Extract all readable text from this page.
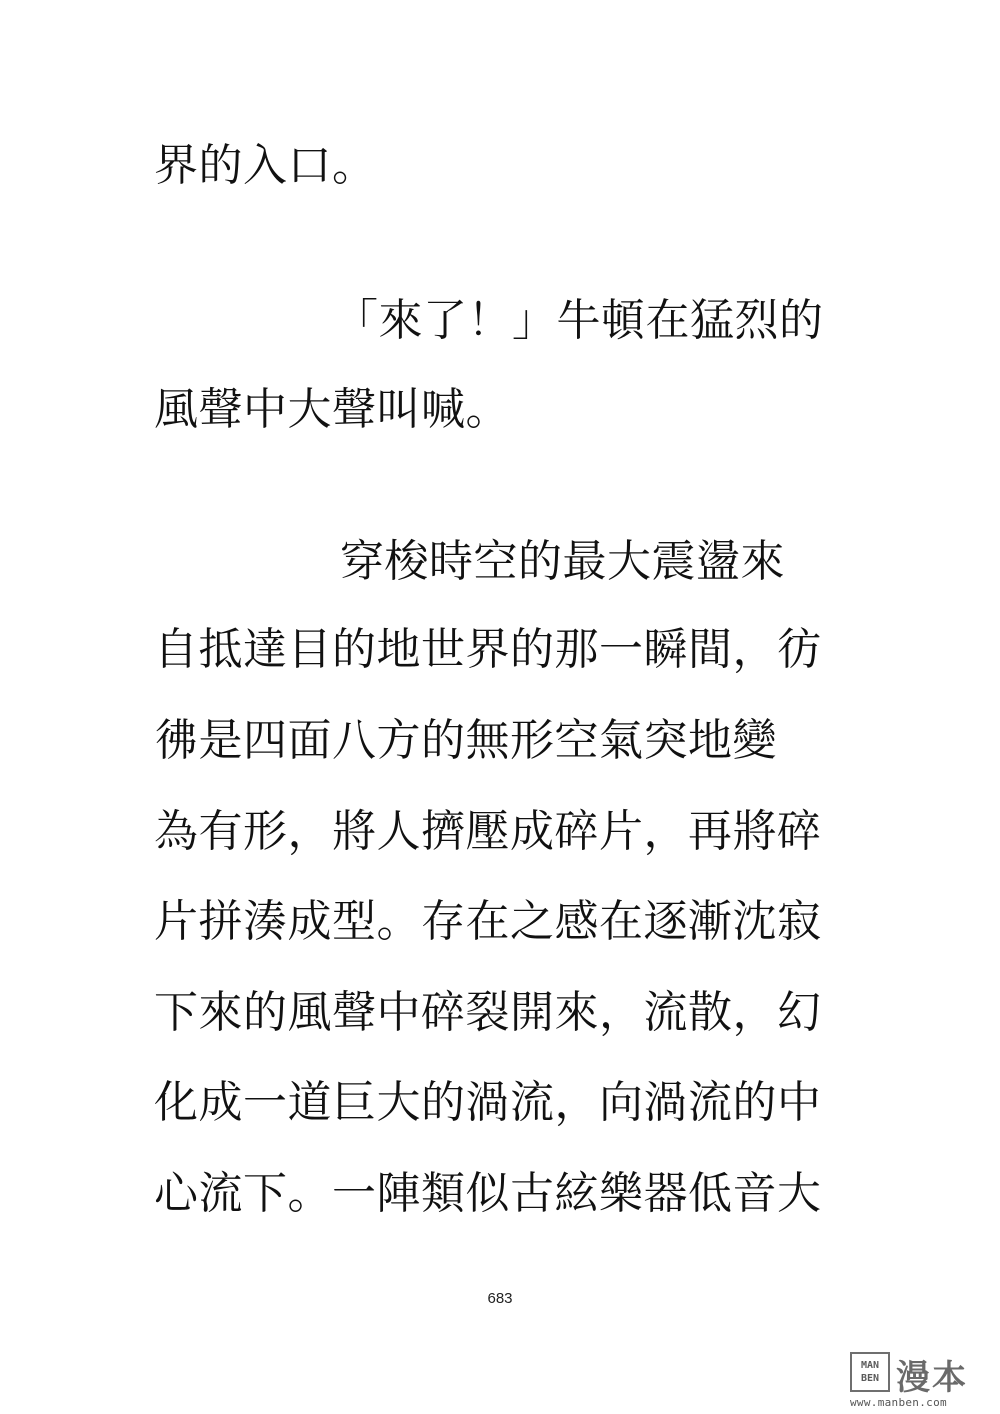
界的入口。

「來了！」牛頓在猛烈的

風聲中大聲叫喊。

穿梭時空的最大震盪來

自抵達目的地世界的那一瞬間，彷

彿是四面八方的無形空氣突地變

為有形，將人擠壓成碎片，再將碎

片拼湊成型。存在之感在逐漸沈寂

下來的風聲中碎裂開來，流散，幻

化成一道巨大的渦流，向渦流的中

心流下。一陣類似古絃樂器低音大

683
MAN BEN 漫本
www.manben.com
